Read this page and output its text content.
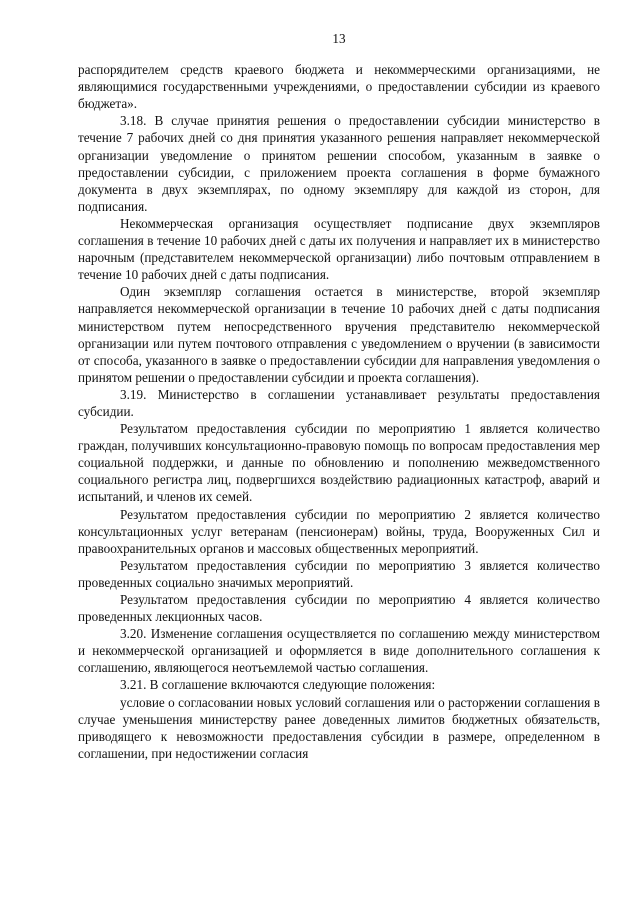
13

распорядителем средств краевого бюджета и некоммерческими организациями, не являющимися государственными учреждениями, о предоставлении субсидии из краевого бюджета».

3.18. В случае принятия решения о предоставлении субсидии министерство в течение 7 рабочих дней со дня принятия указанного решения направляет некоммерческой организации уведомление о принятом решении способом, указанным в заявке о предоставлении субсидии, с приложением проекта соглашения в форме бумажного документа в двух экземплярах, по одному экземпляру для каждой из сторон, для подписания.

Некоммерческая организация осуществляет подписание двух экземпляров соглашения в течение 10 рабочих дней с даты их получения и направляет их в министерство нарочным (представителем некоммерческой организации) либо почтовым отправлением в течение 10 рабочих дней с даты подписания.

Один экземпляр соглашения остается в министерстве, второй экземпляр направляется некоммерческой организации в течение 10 рабочих дней с даты подписания министерством путем непосредственного вручения представителю некоммерческой организации или путем почтового отправления с уведомлением о вручении (в зависимости от способа, указанного в заявке о предоставлении субсидии для направления уведомления о принятом решении о предоставлении субсидии и проекта соглашения).

3.19. Министерство в соглашении устанавливает результаты предоставления субсидии.

Результатом предоставления субсидии по мероприятию 1 является количество граждан, получивших консультационно-правовую помощь по вопросам предоставления мер социальной поддержки, и данные по обновлению и пополнению межведомственного социального регистра лиц, подвергшихся воздействию радиационных катастроф, аварий и испытаний, и членов их семей.

Результатом предоставления субсидии по мероприятию 2 является количество консультационных услуг ветеранам (пенсионерам) войны, труда, Вооруженных Сил и правоохранительных органов и массовых общественных мероприятий.

Результатом предоставления субсидии по мероприятию 3 является количество проведенных социально значимых мероприятий.

Результатом предоставления субсидии по мероприятию 4 является количество проведенных лекционных часов.

3.20. Изменение соглашения осуществляется по соглашению между министерством и некоммерческой организацией и оформляется в виде дополнительного соглашения к соглашению, являющегося неотъемлемой частью соглашения.

3.21. В соглашение включаются следующие положения:

условие о согласовании новых условий соглашения или о расторжении соглашения в случае уменьшения министерству ранее доведенных лимитов бюджетных обязательств, приводящего к невозможности предоставления субсидии в размере, определенном в соглашении, при недостижении согласия
